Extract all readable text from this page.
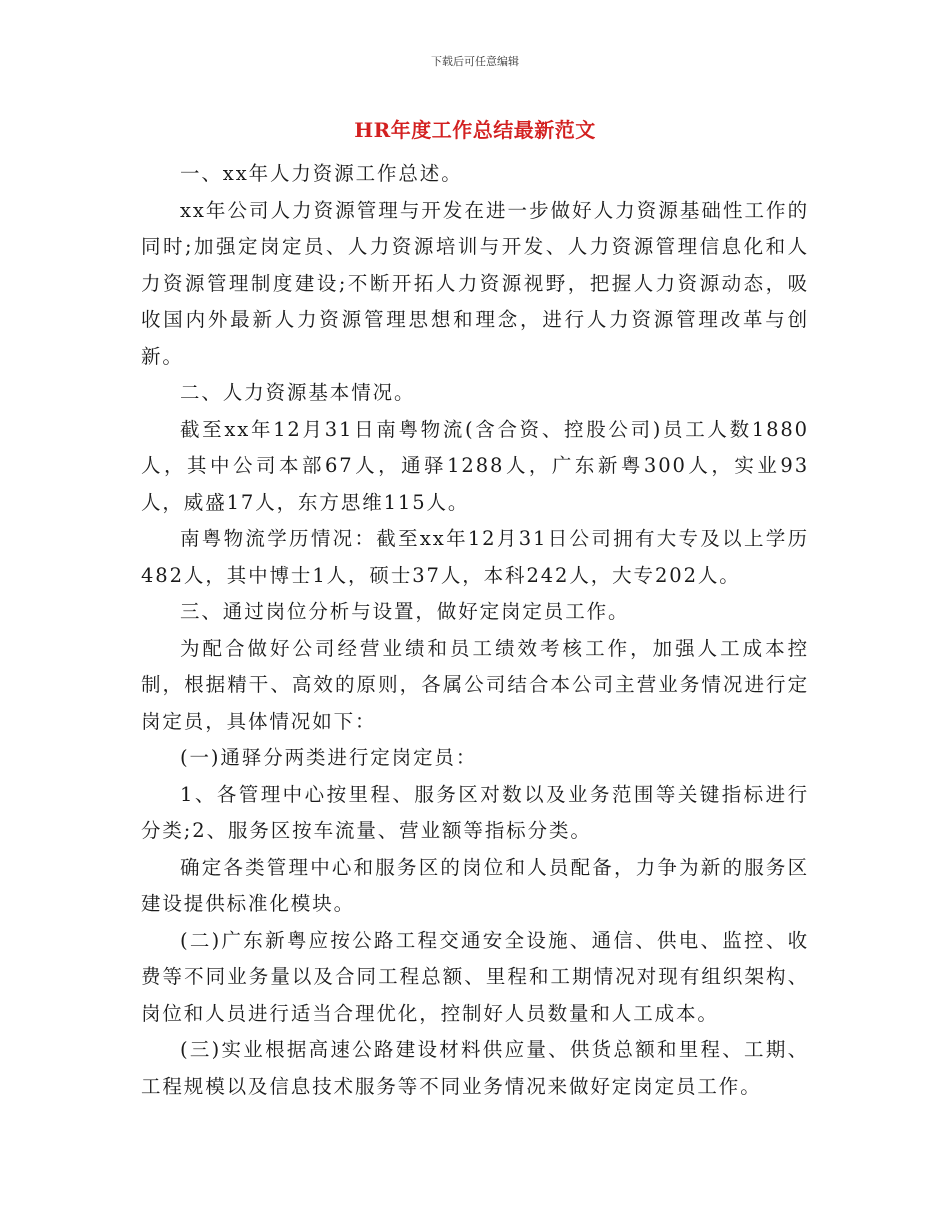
下载后可任意编辑
HR年度工作总结最新范文

一、xx年人力资源工作总述。

xx年公司人力资源管理与开发在进一步做好人力资源基础性工作的同时;加强定岗定员、人力资源培训与开发、人力资源管理信息化和人力资源管理制度建设;不断开拓人力资源视野，把握人力资源动态，吸收国内外最新人力资源管理思想和理念，进行人力资源管理改革与创新。

二、人力资源基本情况。

截至xx年12月31日南粤物流(含合资、控股公司)员工人数1880人，其中公司本部67人，通驿1288人，广东新粤300人，实业93人，威盛17人，东方思维115人。

南粤物流学历情况：截至xx年12月31日公司拥有大专及以上学历482人，其中博士1人，硕士37人，本科242人，大专202人。

三、通过岗位分析与设置，做好定岗定员工作。

为配合做好公司经营业绩和员工绩效考核工作，加强人工成本控制，根据精干、高效的原则，各属公司结合本公司主营业务情况进行定岗定员，具体情况如下：

(一)通驿分两类进行定岗定员：

1、各管理中心按里程、服务区对数以及业务范围等关键指标进行分类;2、服务区按车流量、营业额等指标分类。

确定各类管理中心和服务区的岗位和人员配备，力争为新的服务区建设提供标准化模块。

(二)广东新粤应按公路工程交通安全设施、通信、供电、监控、收费等不同业务量以及合同工程总额、里程和工期情况对现有组织架构、岗位和人员进行适当合理优化，控制好人员数量和人工成本。

(三)实业根据高速公路建设材料供应量、供货总额和里程、工期、工程规模以及信息技术服务等不同业务情况来做好定岗定员工作。
